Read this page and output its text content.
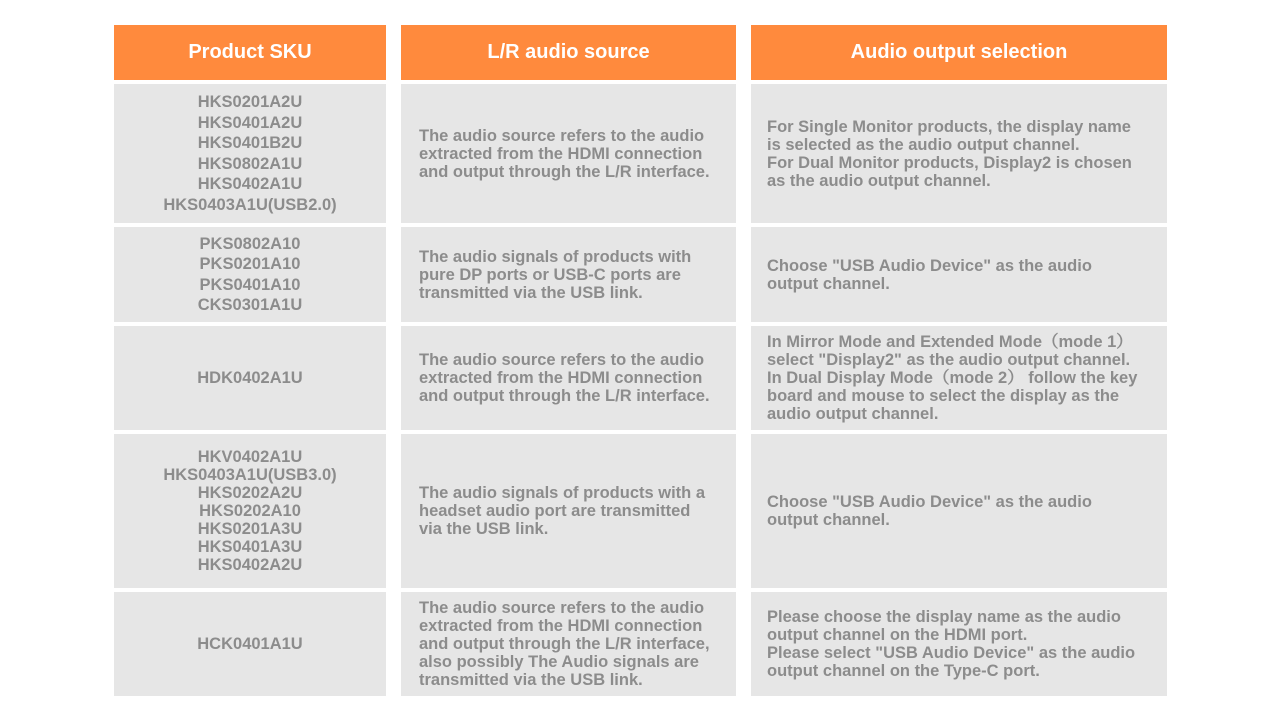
Product SKU	L/R audio source	Audio output selection
HKS0201A2U
HKS0401A2U
HKS0401B2U
HKS0802A1U
HKS0402A1U
HKS0403A1U(USB2.0)
The audio source refers to the audio
extracted from the HDMI connection
and output through the L/R interface.
For Single Monitor products, the display name
is selected as the audio output channel.
For Dual Monitor products, Display2 is chosen
as the audio output channel.
PKS0802A10
PKS0201A10
PKS0401A10
CKS0301A1U
The audio signals of products with
pure DP ports or USB-C ports are
transmitted via the USB link.
Choose "USB Audio Device" as the audio
output channel.
HDK0402A1U
The audio source refers to the audio
extracted from the HDMI connection
and output through the L/R interface.
In Mirror Mode and Extended Mode（mode 1）
select "Display2" as the audio output channel.
In Dual Display Mode（mode 2） follow the key
board and mouse to select the display as the
audio output channel.
HKV0402A1U
HKS0403A1U(USB3.0)
HKS0202A2U
HKS0202A10
HKS0201A3U
HKS0401A3U
HKS0402A2U
The audio signals of products with a
headset audio port are transmitted
via the USB link.
Choose "USB Audio Device" as the audio
output channel.
HCK0401A1U
The audio source refers to the audio
extracted from the HDMI connection
and output through the L/R interface,
also possibly The Audio signals are
transmitted via the USB link.
Please choose the display name as the audio
output channel on the HDMI port.
Please select "USB Audio Device" as the audio
output channel on the Type-C port.
